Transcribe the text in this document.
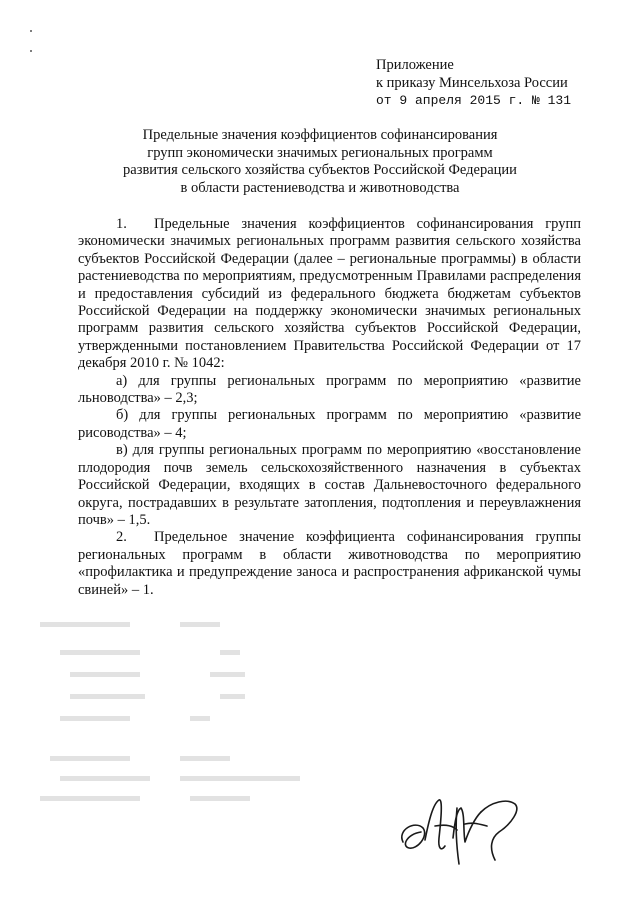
Приложение
к приказу Минсельхоза России
от 9 апреля 2015 г. № 131
Предельные значения коэффициентов софинансирования
групп экономически значимых региональных программ
развития сельского хозяйства субъектов Российской Федерации
в области растениеводства и животноводства

1. Предельные значения коэффициентов софинансирования групп экономически значимых региональных программ развития сельского хозяйства субъектов Российской Федерации (далее – региональные программы) в области растениеводства по мероприятиям, предусмотренным Правилами распределения и предоставления субсидий из федерального бюджета бюджетам субъектов Российской Федерации на поддержку экономически значимых региональных программ развития сельского хозяйства субъектов Российской Федерации, утвержденными постановлением Правительства Российской Федерации от 17 декабря 2010 г. № 1042:

а) для группы региональных программ по мероприятию «развитие льноводства» – 2,3;

б) для группы региональных программ по мероприятию «развитие рисоводства» – 4;

в) для группы региональных программ по мероприятию «восстановление плодородия почв земель сельскохозяйственного назначения в субъектах Российской Федерации, входящих в состав Дальневосточного федерального округа, пострадавших в результате затопления, подтопления и переувлажнения почв» – 1,5.

2. Предельное значение коэффициента софинансирования группы региональных программ в области животноводства по мероприятию «профилактика и предупреждение заноса и распространения африканской чумы свиней» – 1.
